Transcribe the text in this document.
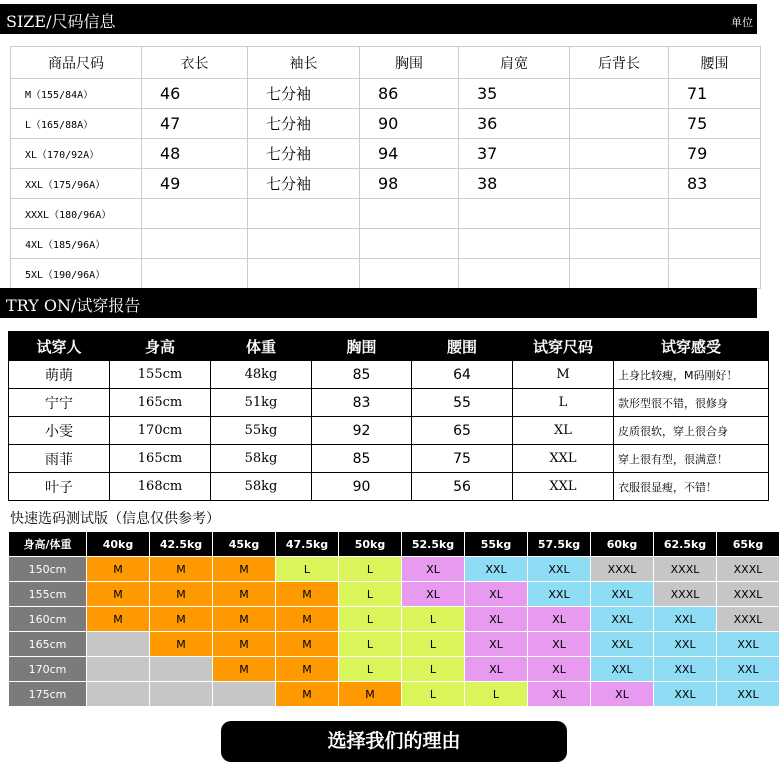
SIZE/尺码信息	单位
商品尺码	衣长	袖长	胸围	肩宽	后背长	腰围
M（155/84A）	46	七分袖	86	35		71
L（165/88A）	47	七分袖	90	36		75
XL（170/92A）	48	七分袖	94	37		79
XXL（175/96A）	49	七分袖	98	38		83
XXXL（180/96A）						
4XL（185/96A）						
5XL（190/96A）						
TRY ON/试穿报告
试穿人	身高	体重	胸围	腰围	试穿尺码	试穿感受
萌萌	155cm	48kg	85	64	M	上身比较瘦，M码刚好！
宁宁	165cm	51kg	83	55	L	款形型很不错，很修身
小雯	170cm	55kg	92	65	XL	皮质很软，穿上很合身
雨菲	165cm	58kg	85	75	XXL	穿上很有型，很满意！
叶子	168cm	58kg	90	56	XXL	衣服很显瘦，不错！
快速选码测试版（信息仅供参考）
身高/体重	40kg	42.5kg	45kg	47.5kg	50kg	52.5kg	55kg	57.5kg	60kg	62.5kg	65kg
150cm	M	M	M	L	L	XL	XXL	XXL	XXXL	XXXL	XXXL
155cm	M	M	M	M	L	XL	XL	XXL	XXL	XXXL	XXXL
160cm	M	M	M	M	L	L	XL	XL	XXL	XXL	XXXL
165cm		M	M	M	L	L	XL	XL	XXL	XXL	XXL
170cm			M	M	L	L	XL	XL	XXL	XXL	XXL
175cm				M	M	L	L	XL	XL	XXL	XXL
选择我们的理由
